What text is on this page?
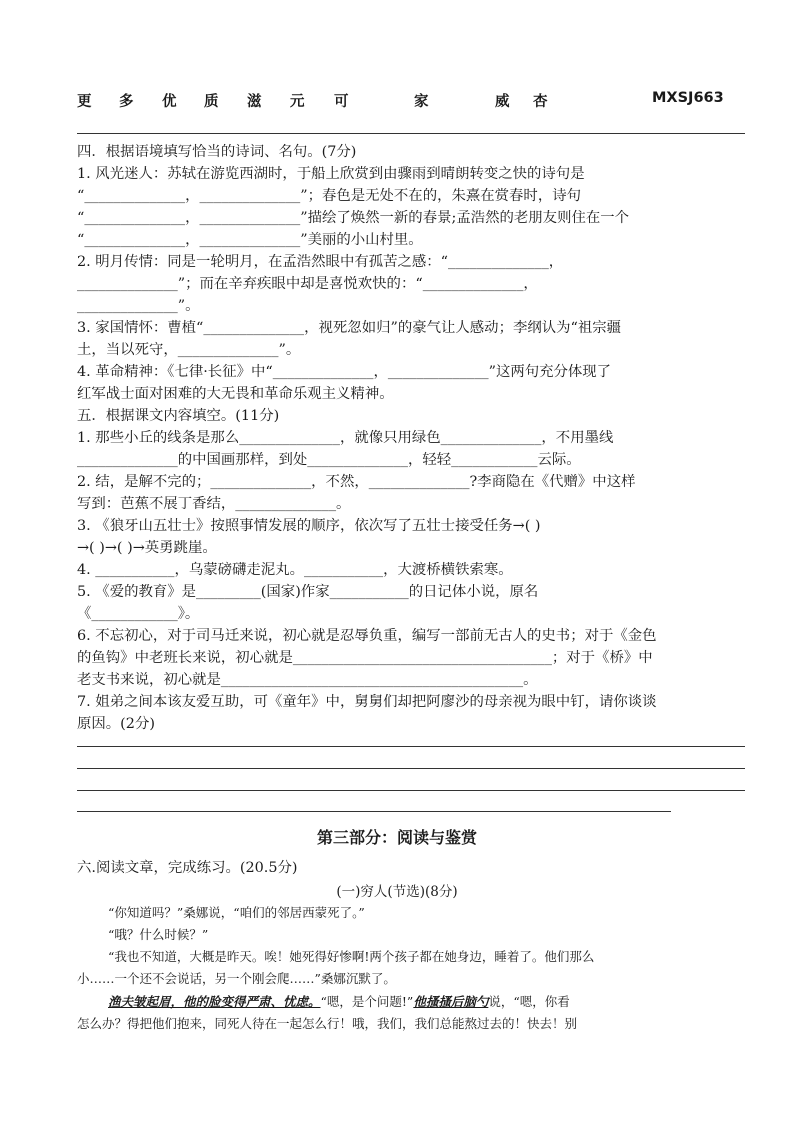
更 多 优 质 滋 元 可	家	威 杏	MXSJ663
四．根据语境填写恰当的诗词、名句。(7分)
1. 风光迷人：苏轼在游览西湖时，于船上欣赏到由骤雨到晴朗转变之快的诗句是
“______________，______________”；春色是无处不在的，朱熹在赏春时，诗句
“______________，______________”描绘了焕然一新的春景;孟浩然的老朋友则住在一个
“______________，______________”美丽的小山村里。
2. 明月传情：同是一轮明月，在孟浩然眼中有孤苦之感：“______________，
______________”；而在辛弃疾眼中却是喜悦欢快的：“______________，
______________”。
3. 家国情怀：曹植“______________，视死忽如归”的豪气让人感动；李纲认为“祖宗疆
土，当以死守，______________”。
4. 革命精神：《七律·长征》中“______________，______________”这两句充分体现了
红军战士面对困难的大无畏和革命乐观主义精神。
五．根据课文内容填空。(11分)
1. 那些小丘的线条是那么______________，就像只用绿色______________，不用墨线
______________的中国画那样，到处______________，轻轻____________云际。
2. 结，是解不完的；______________，不然，______________?李商隐在《代赠》中这样
写到：芭蕉不展丁香结，______________。
3. 《狼牙山五壮士》按照事情发展的顺序，依次写了五壮士接受任务→( )
→( )→( )→英勇跳崖。
4. ___________，乌蒙磅礴走泥丸。___________，大渡桥横铁索寒。
5. 《爱的教育》是_________(国家)作家___________的日记体小说，原名
《____________》。
6. 不忘初心，对于司马迁来说，初心就是忍辱负重，编写一部前无古人的史书；对于《金色
的鱼钩》中老班长来说，初心就是____________________________________；对于《桥》中
老支书来说，初心就是__________________________________________。
7. 姐弟之间本该友爱互助，可《童年》中，舅舅们却把阿廖沙的母亲视为眼中钉，请你谈谈
原因。(2分)
第三部分：阅读与鉴赏
六.阅读文章，完成练习。(20.5分)
(一)穷人(节选)(8分)
“你知道吗？”桑娜说，“咱们的邻居西蒙死了。”
“哦？什么时候？”
“我也不知道，大概是昨天。唉！她死得好惨啊!两个孩子都在她身边，睡着了。他们那么
小……一个还不会说话，另一个刚会爬……”桑娜沉默了。
渔夫皱起眉，他的脸变得严肃、忧虑。“嗯，是个问题!”他搔搔后脑勺说，“嗯，你看
怎么办？得把他们抱来，同死人待在一起怎么行！哦，我们，我们总能熬过去的！快去！别
